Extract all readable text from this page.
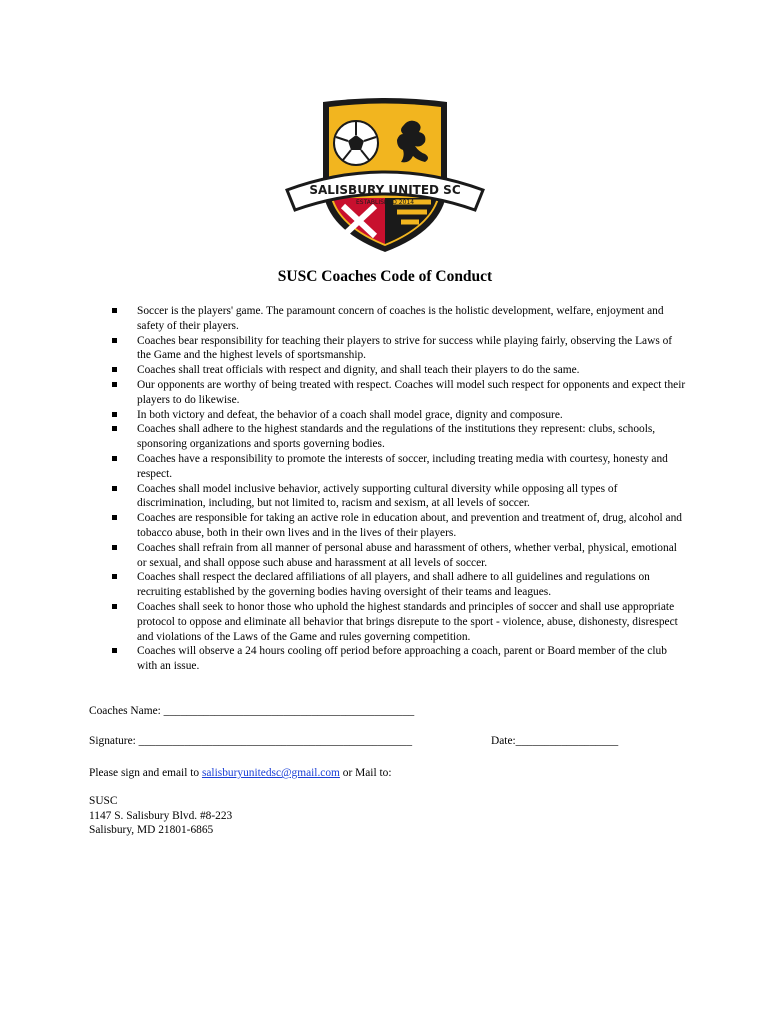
SALISBURY UNITED SC
ESTABLISHED 2014
SUSC Coaches Code of Conduct
Soccer is the players' game. The paramount concern of coaches is the holistic development, welfare, enjoyment and safety of their players.
Coaches bear responsibility for teaching their players to strive for success while playing fairly, observing the Laws of the Game and the highest levels of sportsmanship.
Coaches shall treat officials with respect and dignity, and shall teach their players to do the same.
Our opponents are worthy of being treated with respect. Coaches will model such respect for opponents and expect their players to do likewise.
In both victory and defeat, the behavior of a coach shall model grace, dignity and composure.
Coaches shall adhere to the highest standards and the regulations of the institutions they represent: clubs, schools, sponsoring organizations and sports governing bodies.
Coaches have a responsibility to promote the interests of soccer, including treating media with courtesy, honesty and respect.
Coaches shall model inclusive behavior, actively supporting cultural diversity while opposing all types of discrimination, including, but not limited to, racism and sexism, at all levels of soccer.
Coaches are responsible for taking an active role in education about, and prevention and treatment of, drug, alcohol and tobacco abuse, both in their own lives and in the lives of their players.
Coaches shall refrain from all manner of personal abuse and harassment of others, whether verbal, physical, emotional or sexual, and shall oppose such abuse and harassment at all levels of soccer.
Coaches shall respect the declared affiliations of all players, and shall adhere to all guidelines and regulations on recruiting established by the governing bodies having oversight of their teams and leagues.
Coaches shall seek to honor those who uphold the highest standards and principles of soccer and shall use appropriate protocol to oppose and eliminate all behavior that brings disrepute to the sport - violence, abuse, dishonesty, disrespect and violations of the Laws of the Game and rules governing competition.
Coaches will observe a 24 hours cooling off period before approaching a coach, parent or Board member of the club with an issue.
Coaches Name: ____________________________________________
Signature: ________________________________________________	Date:__________________
Please sign and email to salisburyunitedsc@gmail.com or Mail to:
SUSC
1147 S. Salisbury Blvd. #8-223
Salisbury, MD 21801-6865
